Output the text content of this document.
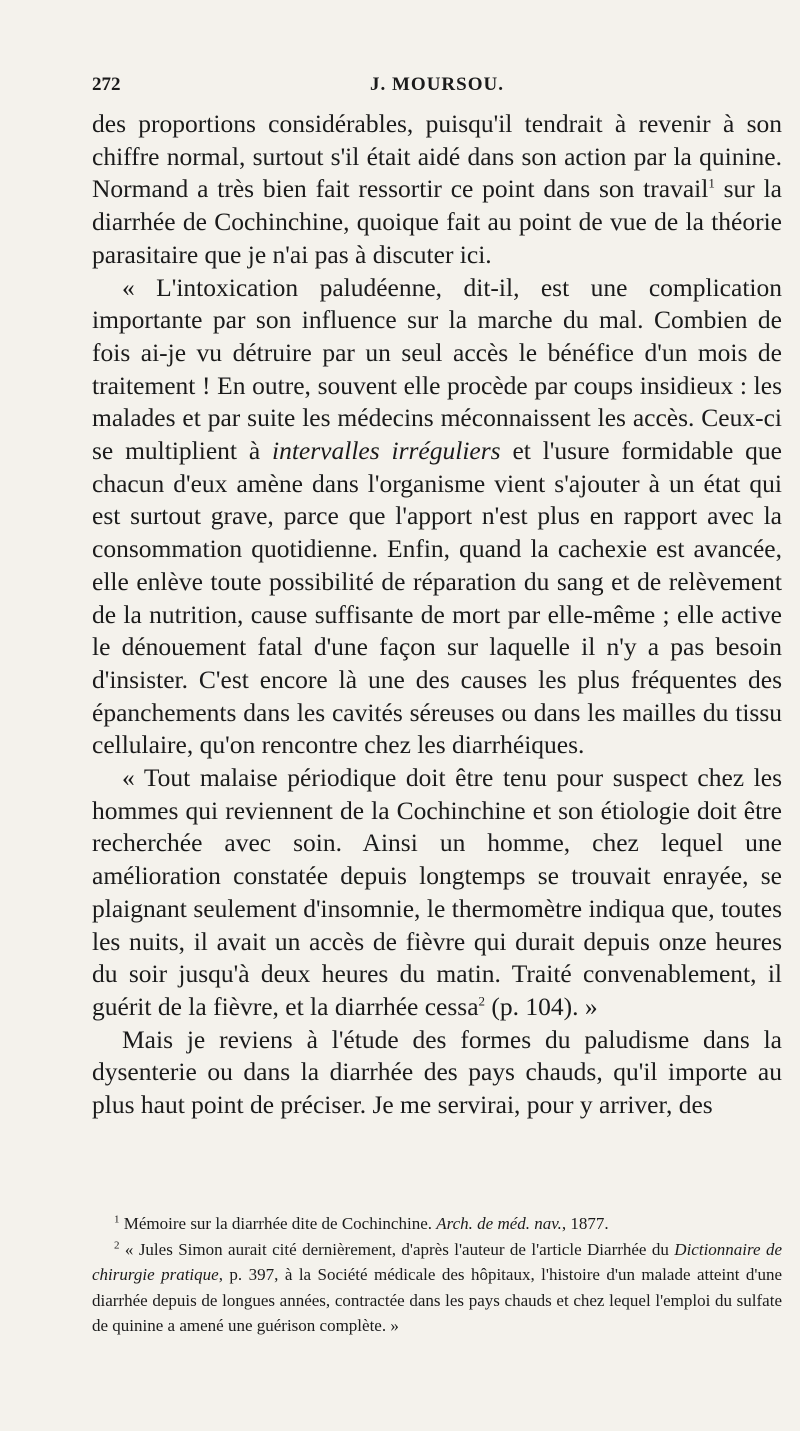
272	J. MOURSOU.

des proportions considérables, puisqu'il tendrait à revenir à son chiffre normal, surtout s'il était aidé dans son action par la quinine. Normand a très bien fait ressortir ce point dans son travail$^1$ sur la diarrhée de Cochinchine, quoique fait au point de vue de la théorie parasitaire que je n'ai pas à discuter ici.

« L'intoxication paludéenne, dit-il, est une complication importante par son influence sur la marche du mal. Combien de fois ai-je vu détruire par un seul accès le bénéfice d'un mois de traitement ! En outre, souvent elle procède par coups insidieux : les malades et par suite les médecins méconnaissent les accès. Ceux-ci se multiplient à intervalles irréguliers et l'usure formidable que chacun d'eux amène dans l'organisme vient s'ajouter à un état qui est surtout grave, parce que l'apport n'est plus en rapport avec la consommation quotidienne. Enfin, quand la cachexie est avancée, elle enlève toute possibilité de réparation du sang et de relèvement de la nutrition, cause suffisante de mort par elle-même ; elle active le dénouement fatal d'une façon sur laquelle il n'y a pas besoin d'insister. C'est encore là une des causes les plus fréquentes des épanchements dans les cavités séreuses ou dans les mailles du tissu cellulaire, qu'on rencontre chez les diarrhéiques.

« Tout malaise périodique doit être tenu pour suspect chez les hommes qui reviennent de la Cochinchine et son étiologie doit être recherchée avec soin. Ainsi un homme, chez lequel une amélioration constatée depuis longtemps se trouvait enrayée, se plaignant seulement d'insomnie, le thermomètre indiqua que, toutes les nuits, il avait un accès de fièvre qui durait depuis onze heures du soir jusqu'à deux heures du matin. Traité convenablement, il guérit de la fièvre, et la diarrhée cessa$^2$ (p. 104). »

Mais je reviens à l'étude des formes du paludisme dans la dysenterie ou dans la diarrhée des pays chauds, qu'il importe au plus haut point de préciser. Je me servirai, pour y arriver, des

$^1$ Mémoire sur la diarrhée dite de Cochinchine. Arch. de méd. nav., 1877.

$^2$ « Jules Simon aurait cité dernièrement, d'après l'auteur de l'article Diarrhée du Dictionnaire de chirurgie pratique, p. 397, à la Société médicale des hôpitaux, l'histoire d'un malade atteint d'une diarrhée depuis de longues années, contractée dans les pays chauds et chez lequel l'emploi du sulfate de quinine a amené une guérison complète. »
